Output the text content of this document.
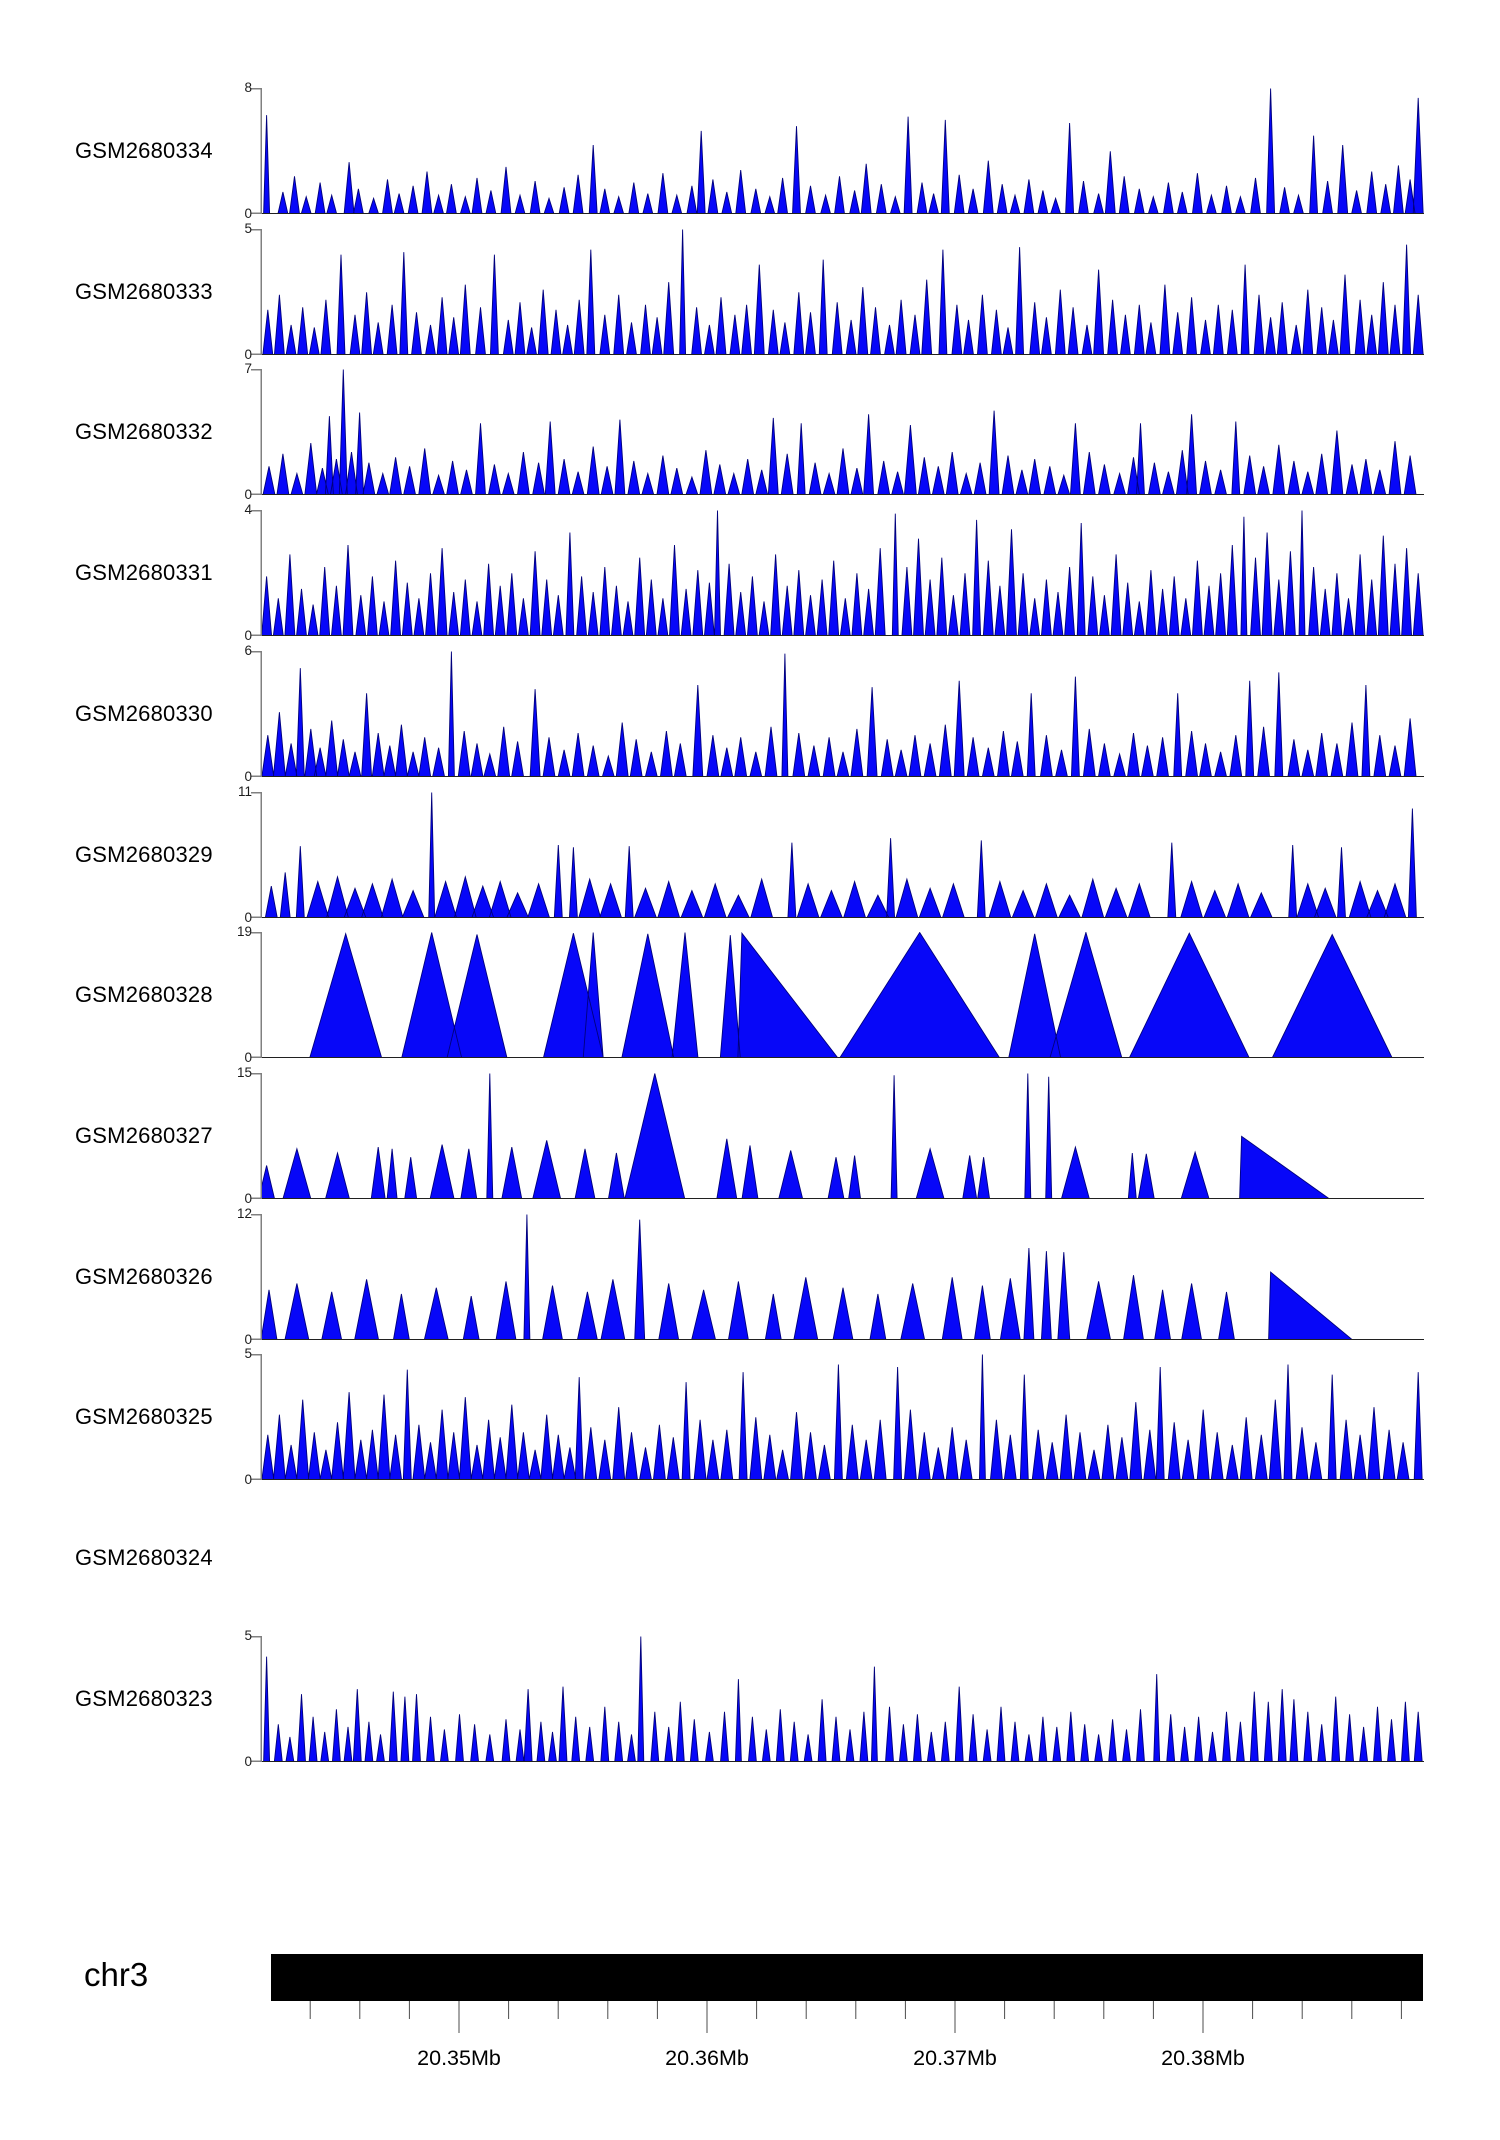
GSM2680334
8
0
GSM2680333
5
0
GSM2680332
7
0
GSM2680331
4
0
GSM2680330
6
0
GSM2680329
11
0
GSM2680328
19
0
GSM2680327
15
0
GSM2680326
12
0
GSM2680325
5
0
GSM2680324
GSM2680323
5
0
chr3
20.35Mb	20.36Mb	20.37Mb	20.38Mb
